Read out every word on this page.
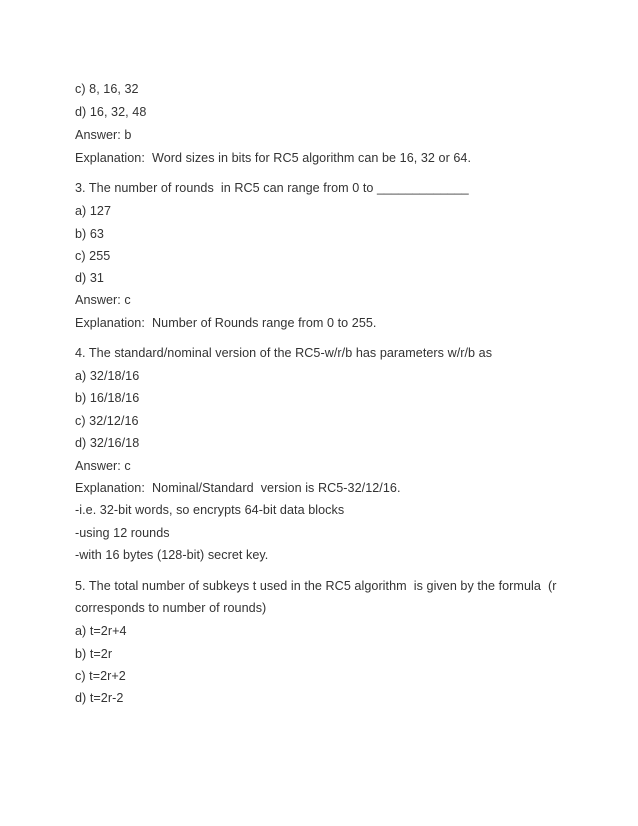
c) 8, 16, 32
d) 16, 32, 48
Answer: b
Explanation:  Word sizes in bits for RC5 algorithm can be 16, 32 or 64.
3. The number of rounds  in RC5 can range from 0 to _____________
a) 127
b) 63
c) 255
d) 31
Answer: c
Explanation:  Number of Rounds range from 0 to 255.
4. The standard/nominal version of the RC5-w/r/b has parameters w/r/b as
a) 32/18/16
b) 16/18/16
c) 32/12/16
d) 32/16/18
Answer: c
Explanation:  Nominal/Standard  version is RC5-32/12/16.
-i.e. 32-bit words, so encrypts 64-bit data blocks
-using 12 rounds
-with 16 bytes (128-bit) secret key.
5. The total number of subkeys t used in the RC5 algorithm  is given by the formula  (r
corresponds to number of rounds)
a) t=2r+4
b) t=2r
c) t=2r+2
d) t=2r-2
